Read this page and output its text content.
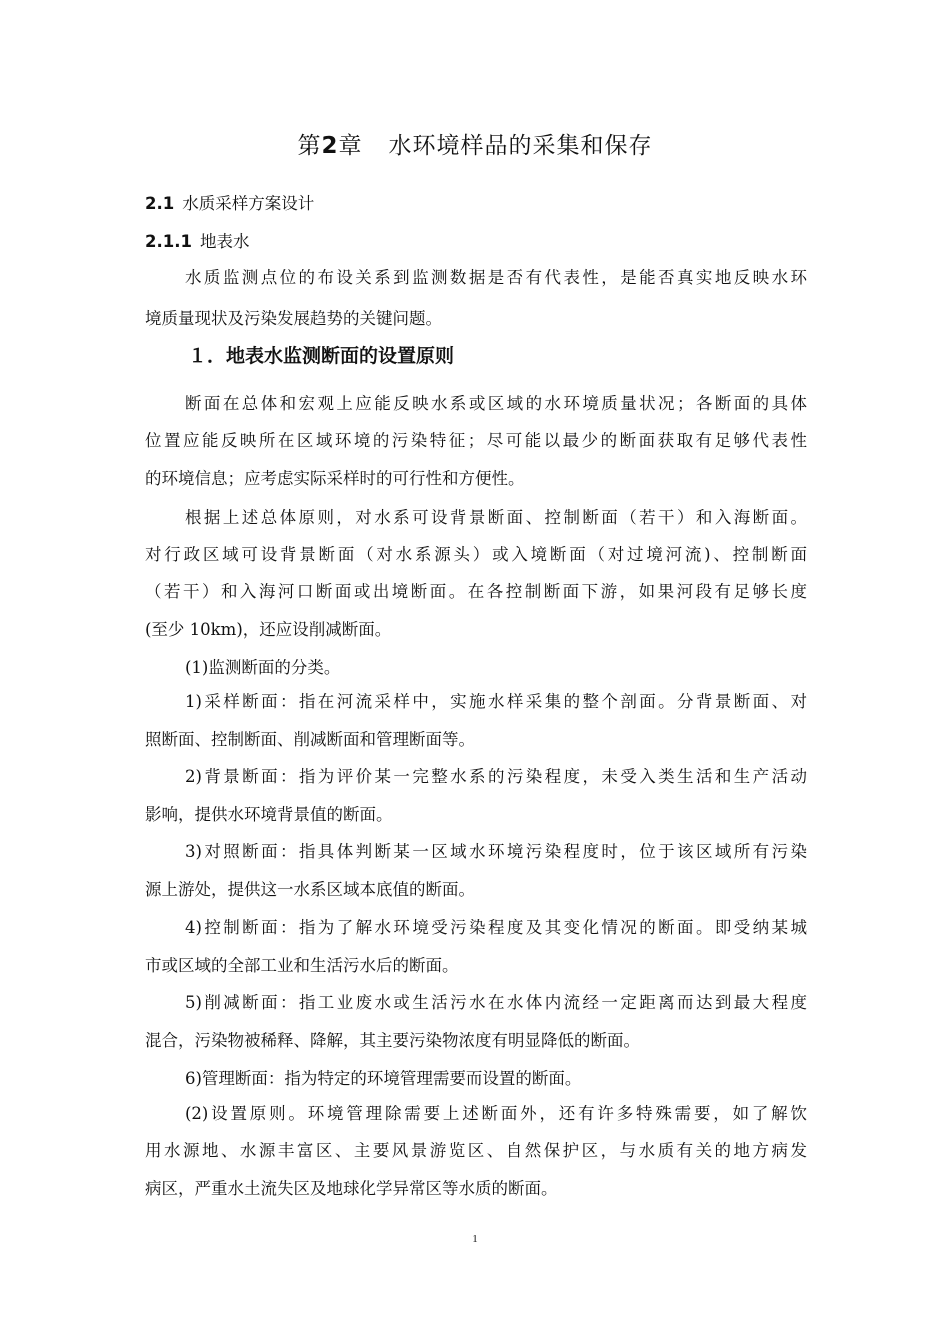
第2章 水环境样品的采集和保存
2.1 水质采样方案设计
2.1.1 地表水
水质监测点位的布设关系到监测数据是否有代表性，是能否真实地反映水环
境质量现状及污染发展趋势的关键问题。
断面在总体和宏观上应能反映水系或区域的水环境质量状况；各断面的具体
位置应能反映所在区域环境的污染特征；尽可能以最少的断面获取有足够代表性
的环境信息；应考虑实际采样时的可行性和方便性。
根据上述总体原则，对水系可设背景断面、控制断面（若干）和入海断面。
对行政区域可设背景断面（对水系源头）或入境断面（对过境河流)、控制断面
（若干）和入海河口断面或出境断面。在各控制断面下游，如果河段有足够长度
(至少 10km)，还应设削减断面。
(1)监测断面的分类。
1)采样断面：指在河流采样中，实施水样采集的整个剖面。分背景断面、对
照断面、控制断面、削减断面和管理断面等。
2)背景断面：指为评价某一完整水系的污染程度，未受入类生活和生产活动
影响，提供水环境背景值的断面。
3)对照断面：指具体判断某一区域水环境污染程度时，位于该区域所有污染
源上游处，提供这一水系区域本底值的断面。
4)控制断面：指为了解水环境受污染程度及其变化情况的断面。即受纳某城
市或区域的全部工业和生活污水后的断面。
5)削减断面：指工业废水或生活污水在水体内流经一定距离而达到最大程度
混合，污染物被稀释、降解，其主要污染物浓度有明显降低的断面。
6)管理断面：指为特定的环境管理需要而设置的断面。
(2)设置原则。环境管理除需要上述断面外，还有许多特殊需要，如了解饮
用水源地、水源丰富区、主要风景游览区、自然保护区，与水质有关的地方病发
病区，严重水土流失区及地球化学异常区等水质的断面。
１．地表水监测断面的设置原则
1
